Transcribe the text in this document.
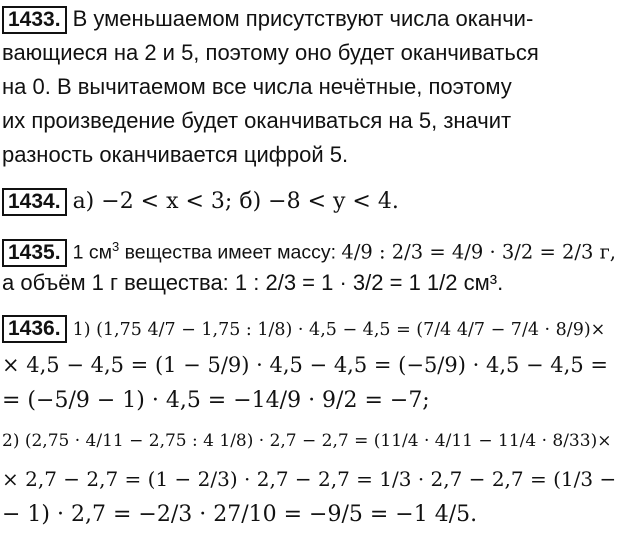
1433. В уменьшаемом присутствуют числа оканчи-
вающиеся на 2 и 5, поэтому оно будет оканчиваться
на 0. В вычитаемом все числа нечётные, поэтому
их произведение будет оканчиваться на 5, значит
разность оканчивается цифрой 5.
1434. а) −2 < x < 3; б) −8 < y < 4.
1435. 1 $см^3$ вещества имеет массу: 4/9 : 2/3 = 4/9 · 3/2 = 2/3 г,
а объём 1 г вещества: 1 : 2/3 = 1 · 3/2 = 1 1/2 см³.
1436. 1) (1,75 4/7 − 1,75 : 1/8) · 4,5 − 4,5 = (7/4 4/7 − 7/4 · 8/9)×
× 4,5 − 4,5 = (1 − 5/9) · 4,5 − 4,5 = (−5/9) · 4,5 − 4,5 =
= (−5/9 − 1) · 4,5 = −14/9 · 9/2 = −7;
2) (2,75 · 4/11 − 2,75 : 4 1/8) · 2,7 − 2,7 = (11/4 · 4/11 − 11/4 · 8/33)×
× 2,7 − 2,7 = (1 − 2/3) · 2,7 − 2,7 = 1/3 · 2,7 − 2,7 = (1/3 −
− 1) · 2,7 = −2/3 · 27/10 = −9/5 = −1 4/5.
